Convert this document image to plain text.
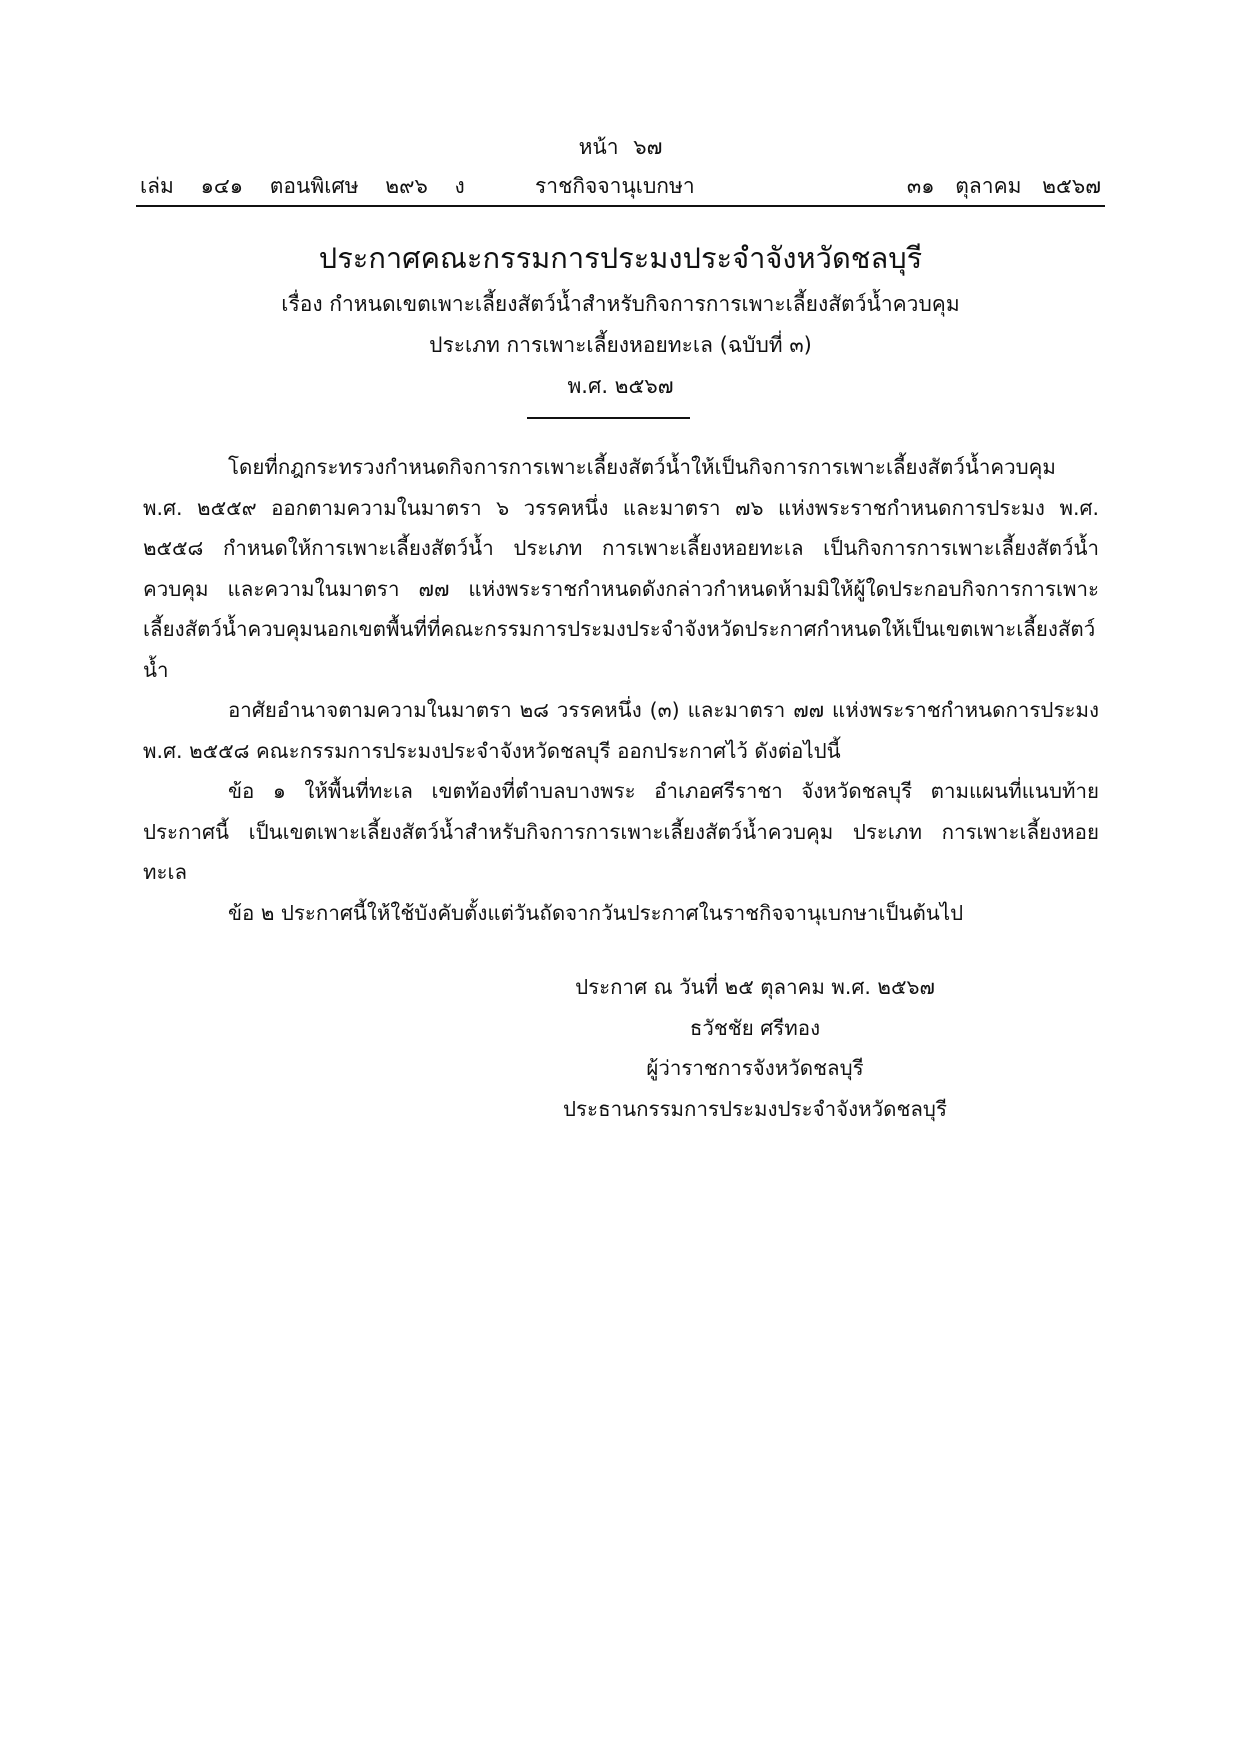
หน้า ๖๗
เล่ม ๑๔๑ ตอนพิเศษ ๒๙๖ ง	ราชกิจจานุเบกษา	๓๑ ตุลาคม ๒๕๖๗
ประกาศคณะกรรมการประมงประจำจังหวัดชลบุรี
เรื่อง กำหนดเขตเพาะเลี้ยงสัตว์น้ำสำหรับกิจการการเพาะเลี้ยงสัตว์น้ำควบคุม
ประเภท การเพาะเลี้ยงหอยทะเล (ฉบับที่ ๓)
พ.ศ. ๒๕๖๗

โดยที่กฎกระทรวงกำหนดกิจการการเพาะเลี้ยงสัตว์น้ำให้เป็นกิจการการเพาะเลี้ยงสัตว์น้ำควบคุม พ.ศ. ๒๕๕๙ ออกตามความในมาตรา ๖ วรรคหนึ่ง และมาตรา ๗๖ แห่งพระราชกำหนดการประมง พ.ศ. ๒๕๕๘ กำหนดให้การเพาะเลี้ยงสัตว์น้ำ ประเภท การเพาะเลี้ยงหอยทะเล เป็นกิจการการเพาะเลี้ยงสัตว์น้ำควบคุม และความในมาตรา ๗๗ แห่งพระราชกำหนดดังกล่าวกำหนดห้ามมิให้ผู้ใดประกอบกิจการการเพาะเลี้ยงสัตว์น้ำควบคุมนอกเขตพื้นที่ที่คณะกรรมการประมงประจำจังหวัดประกาศกำหนดให้เป็นเขตเพาะเลี้ยงสัตว์น้ำ

อาศัยอำนาจตามความในมาตรา ๒๘ วรรคหนึ่ง (๓) และมาตรา ๗๗ แห่งพระราชกำหนดการประมง พ.ศ. ๒๕๕๘ คณะกรรมการประมงประจำจังหวัดชลบุรี ออกประกาศไว้ ดังต่อไปนี้

ข้อ ๑ ให้พื้นที่ทะเล เขตท้องที่ตำบลบางพระ อำเภอศรีราชา จังหวัดชลบุรี ตามแผนที่แนบท้ายประกาศนี้ เป็นเขตเพาะเลี้ยงสัตว์น้ำสำหรับกิจการการเพาะเลี้ยงสัตว์น้ำควบคุม ประเภท การเพาะเลี้ยงหอยทะเล

ข้อ ๒ ประกาศนี้ให้ใช้บังคับตั้งแต่วันถัดจากวันประกาศในราชกิจจานุเบกษาเป็นต้นไป

ประกาศ ณ วันที่ ๒๕ ตุลาคม พ.ศ. ๒๕๖๗
ธวัชชัย ศรีทอง
ผู้ว่าราชการจังหวัดชลบุรี
ประธานกรรมการประมงประจำจังหวัดชลบุรี
